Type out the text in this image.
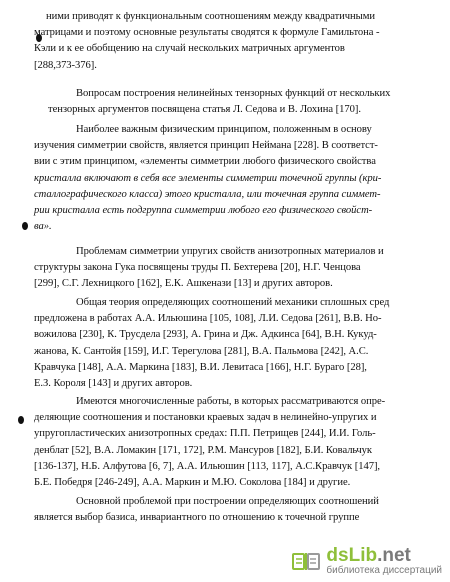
ними приводят к функциональным соотношениям между квадратичными
матрицами и поэтому основные результаты сводятся к формуле Гамильтона -
Кэли и к ее обобщению на случай нескольких матричных аргументов
[288,373-376].
Вопросам построения нелинейных тензорных функций от нескольких
тензорных аргументов посвящена статья Л. Седова и В. Лохина [170].
Наиболее важным физическим принципом, положенным в основу
изучения симметрии свойств, является принцип Неймана [228]. В соответст-
вии с этим принципом, «элементы симметрии любого физического свойства
кристалла включают в себя все элементы симметрии точечной группы (кри-
сталлографического класса) этого кристалла, или точечная группа симмет-
рии кристалла есть подгруппа симметрии любого его физического свойст-
ва».
Проблемам симметрии упругих свойств анизотропных материалов и
структуры закона Гука посвящены труды П. Бехтерева [20], Н.Г. Ченцова
[299], С.Г. Лехницкого [162], Е.К. Ашкенази [13] и других авторов.
Общая теория определяющих соотношений механики сплошных сред
предложена в работах А.А. Ильюшина [105, 108], Л.И. Седова [261], В.В. Но-
вожилова [230], К. Трусдела [293], А. Грина и Дж. Адкинса [64], В.Н. Кукуд-
жанова, К. Сантойя [159], И.Г. Терегулова [281], В.А. Пальмова [242], А.С.
Кравчука [148], А.А. Маркина [183], В.И. Левитаса [166], Н.Г. Бураго [28],
Е.З. Короля [143] и других авторов.
Имеются многочисленные работы, в которых рассматриваются опре-
деляющие соотношения и постановки краевых задач в нелинейно-упругих и
упругопластических анизотропных средах: П.П. Петрищев [244], И.И. Голь-
денблат [52], В.А. Ломакин [171, 172], Р.М. Мансуров [182], Б.И. Ковальчук
[136-137], Н.Б. Алфутова [6, 7], А.А. Ильюшин [113, 117], А.С.Кравчук [147],
Б.Е. Победря [246-249], А.А. Маркин и М.Ю. Соколова [184] и другие.
Основной проблемой при построении определяющих соотношений
является выбор базиса, инвариантного по отношению к точечной группе
dsLib.net
библиотека диссертаций
